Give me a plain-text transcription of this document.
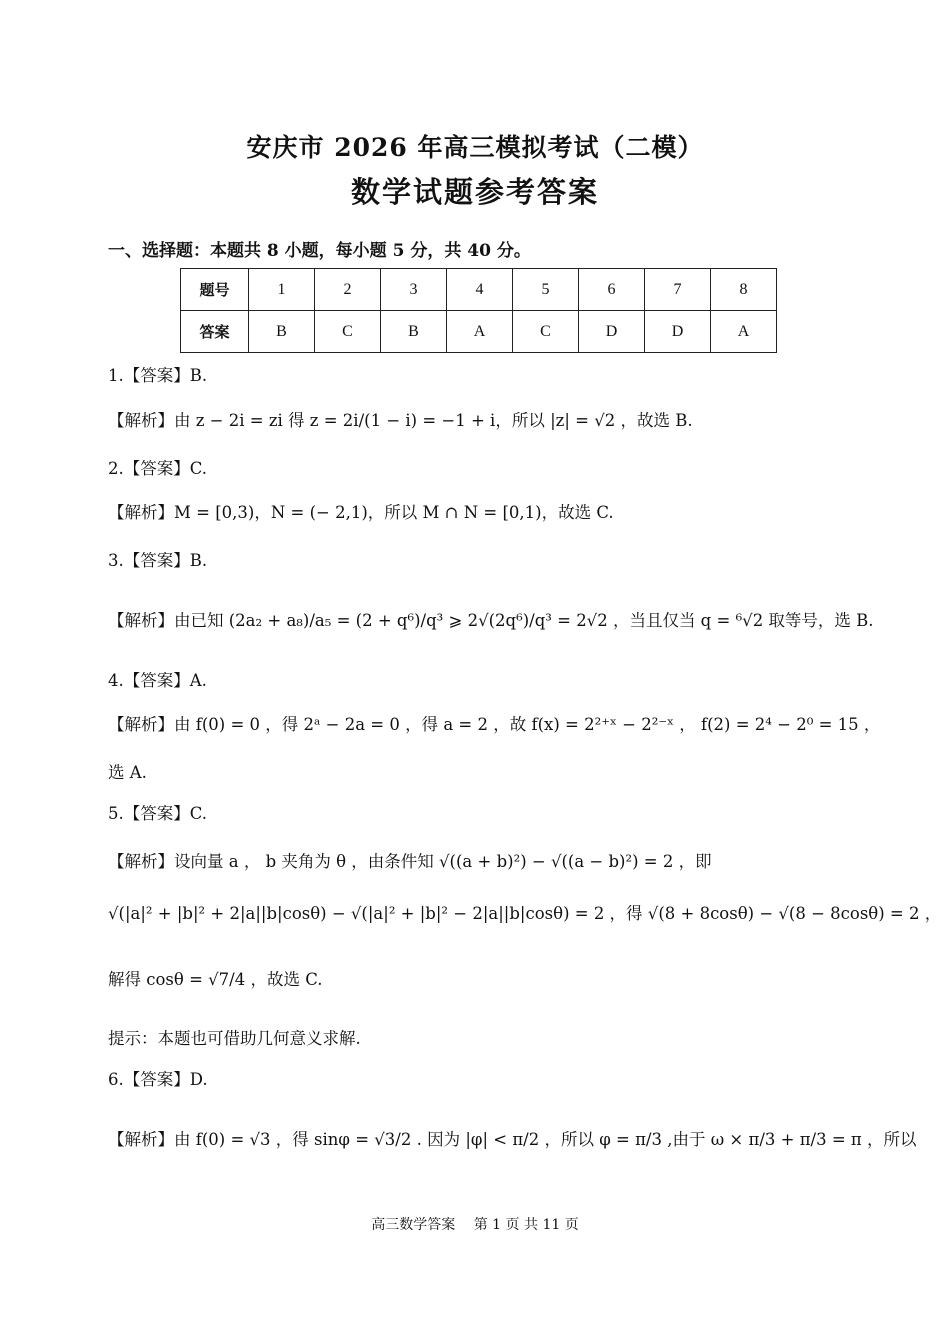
安庆市 2026 年高三模拟考试（二模）
数学试题参考答案
一、选择题：本题共 8 小题，每小题 5 分，共 40 分。
题号	1	2	3	4	5	6	7	8
答案	B	C	B	A	C	D	D	A
1.【答案】B.
【解析】由 z − 2i = zi 得 z = 2i/(1 − i) = −1 + i，所以 |z| = √2 ，故选 B.
2.【答案】C.
【解析】M = [0,3)，N = (− 2,1)，所以 M ∩ N = [0,1)，故选 C.
3.【答案】B.
【解析】由已知 (2a₂ + a₈)/a₅ = (2 + q⁶)/q³ ⩾ 2√(2q⁶)/q³ = 2√2 ，当且仅当 q = ⁶√2 取等号，选 B.
4.【答案】A.
【解析】由 f(0) = 0 ，得 2ᵃ − 2a = 0 ，得 a = 2 ，故 f(x) = 2²⁺ˣ − 2²⁻ˣ ， f(2) = 2⁴ − 2⁰ = 15 ，
选 A.
5.【答案】C.
【解析】设向量 a ， b 夹角为 θ ，由条件知 √((a + b)²) − √((a − b)²) = 2 ，即
√(|a|² + |b|² + 2|a||b|cosθ) − √(|a|² + |b|² − 2|a||b|cosθ) = 2 ，得 √(8 + 8cosθ) − √(8 − 8cosθ) = 2 ，
解得 cosθ = √7/4 ，故选 C.
提示：本题也可借助几何意义求解.
6.【答案】D.
【解析】由 f(0) = √3 ，得 sinφ = √3/2 . 因为 |φ| < π/2 ，所以 φ = π/3 ,由于 ω × π/3 + π/3 = π ，所以
高三数学答案　 第 1 页 共 11 页
